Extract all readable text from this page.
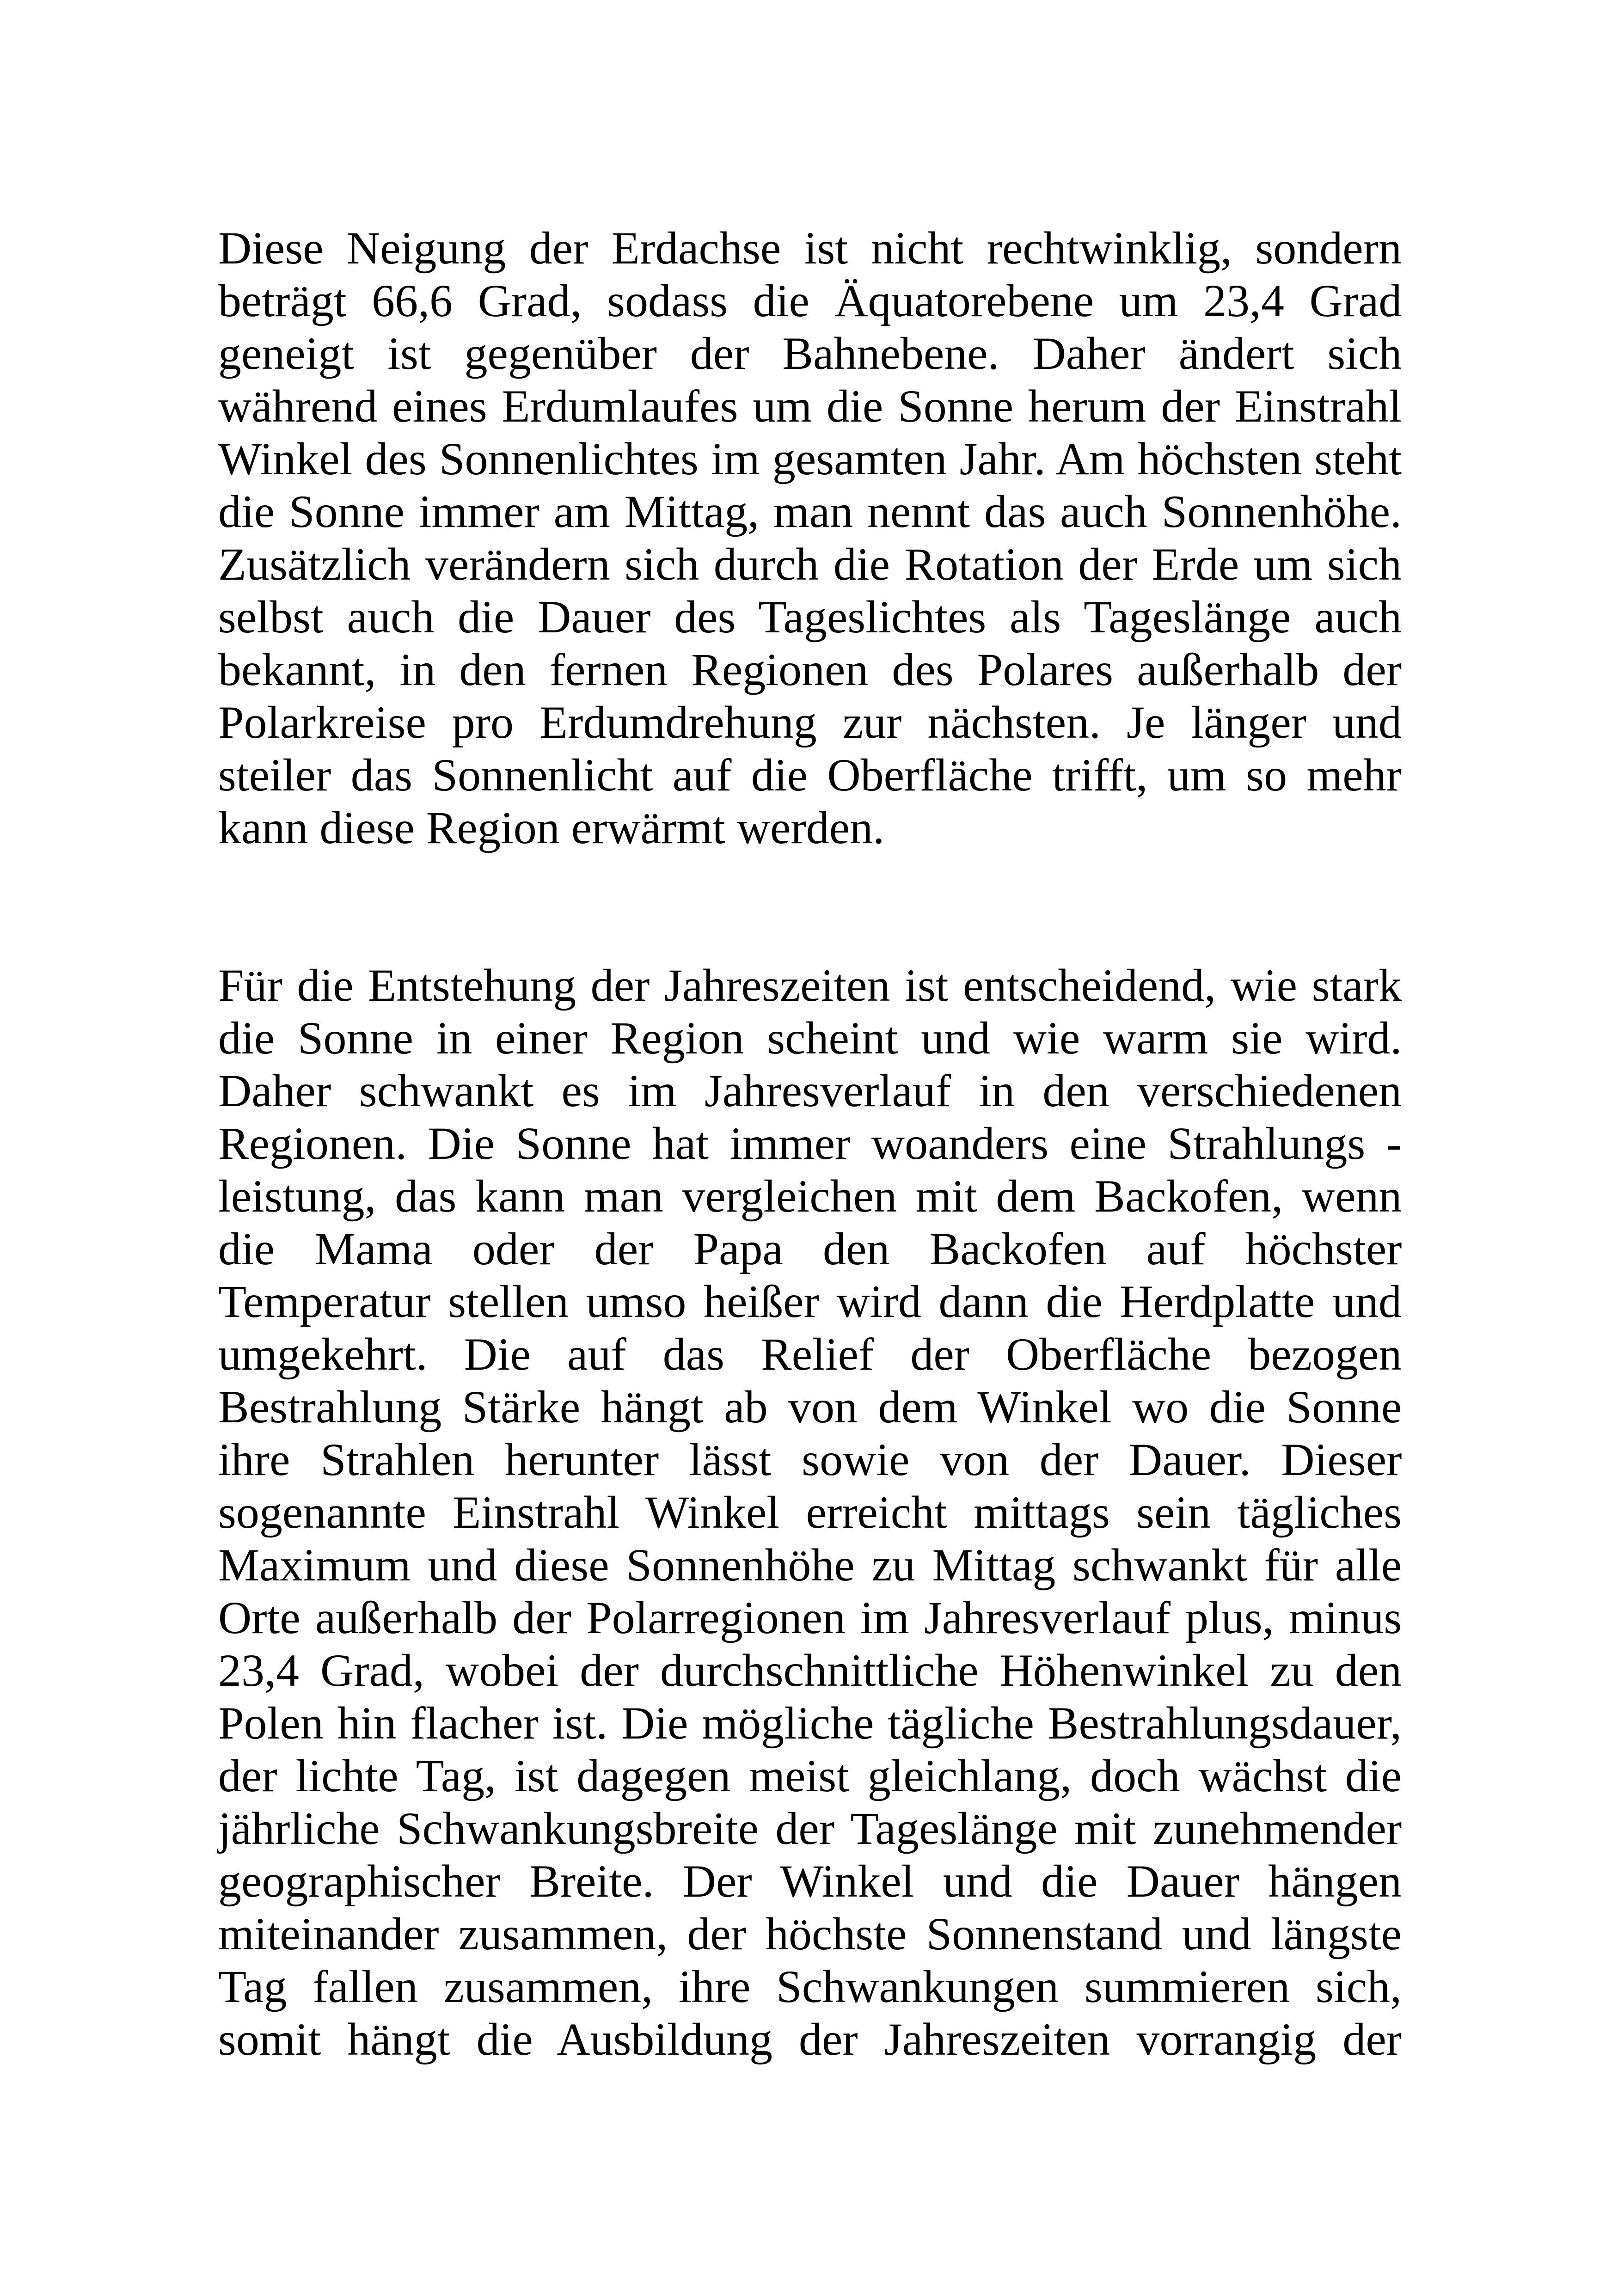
Diese Neigung der Erdachse ist nicht rechtwinklig, sondern
beträgt 66,6 Grad, sodass die Äquatorebene um 23,4 Grad
geneigt ist gegenüber der Bahnebene. Daher ändert sich
während eines Erdumlaufes um die Sonne herum der Einstrahl
Winkel des Sonnenlichtes im gesamten Jahr. Am höchsten steht
die Sonne immer am Mittag, man nennt das auch Sonnenhöhe.
Zusätzlich verändern sich durch die Rotation der Erde um sich
selbst auch die Dauer des Tageslichtes als Tageslänge auch
bekannt, in den fernen Regionen des Polares außerhalb der
Polarkreise pro Erdumdrehung zur nächsten. Je länger und
steiler das Sonnenlicht auf die Oberfläche trifft, um so mehr
kann diese Region erwärmt werden.
Für die Entstehung der Jahreszeiten ist entscheidend, wie stark
die Sonne in einer Region scheint und wie warm sie wird.
Daher schwankt es im Jahresverlauf in den verschiedenen
Regionen. Die Sonne hat immer woanders eine Strahlungs -
leistung, das kann man vergleichen mit dem Backofen, wenn
die Mama oder der Papa den Backofen auf höchster
Temperatur stellen umso heißer wird dann die Herdplatte und
umgekehrt. Die auf das Relief der Oberfläche bezogen
Bestrahlung Stärke hängt ab von dem Winkel wo die Sonne
ihre Strahlen herunter lässt sowie von der Dauer. Dieser
sogenannte Einstrahl Winkel erreicht mittags sein tägliches
Maximum und diese Sonnenhöhe zu Mittag schwankt für alle
Orte außerhalb der Polarregionen im Jahresverlauf plus, minus
23,4 Grad, wobei der durchschnittliche Höhenwinkel zu den
Polen hin flacher ist. Die mögliche tägliche Bestrahlungsdauer,
der lichte Tag, ist dagegen meist gleichlang, doch wächst die
jährliche Schwankungsbreite der Tageslänge mit zunehmender
geographischer Breite. Der Winkel und die Dauer hängen
miteinander zusammen, der höchste Sonnenstand und längste
Tag fallen zusammen, ihre Schwankungen summieren sich,
somit hängt die Ausbildung der Jahreszeiten vorrangig der
